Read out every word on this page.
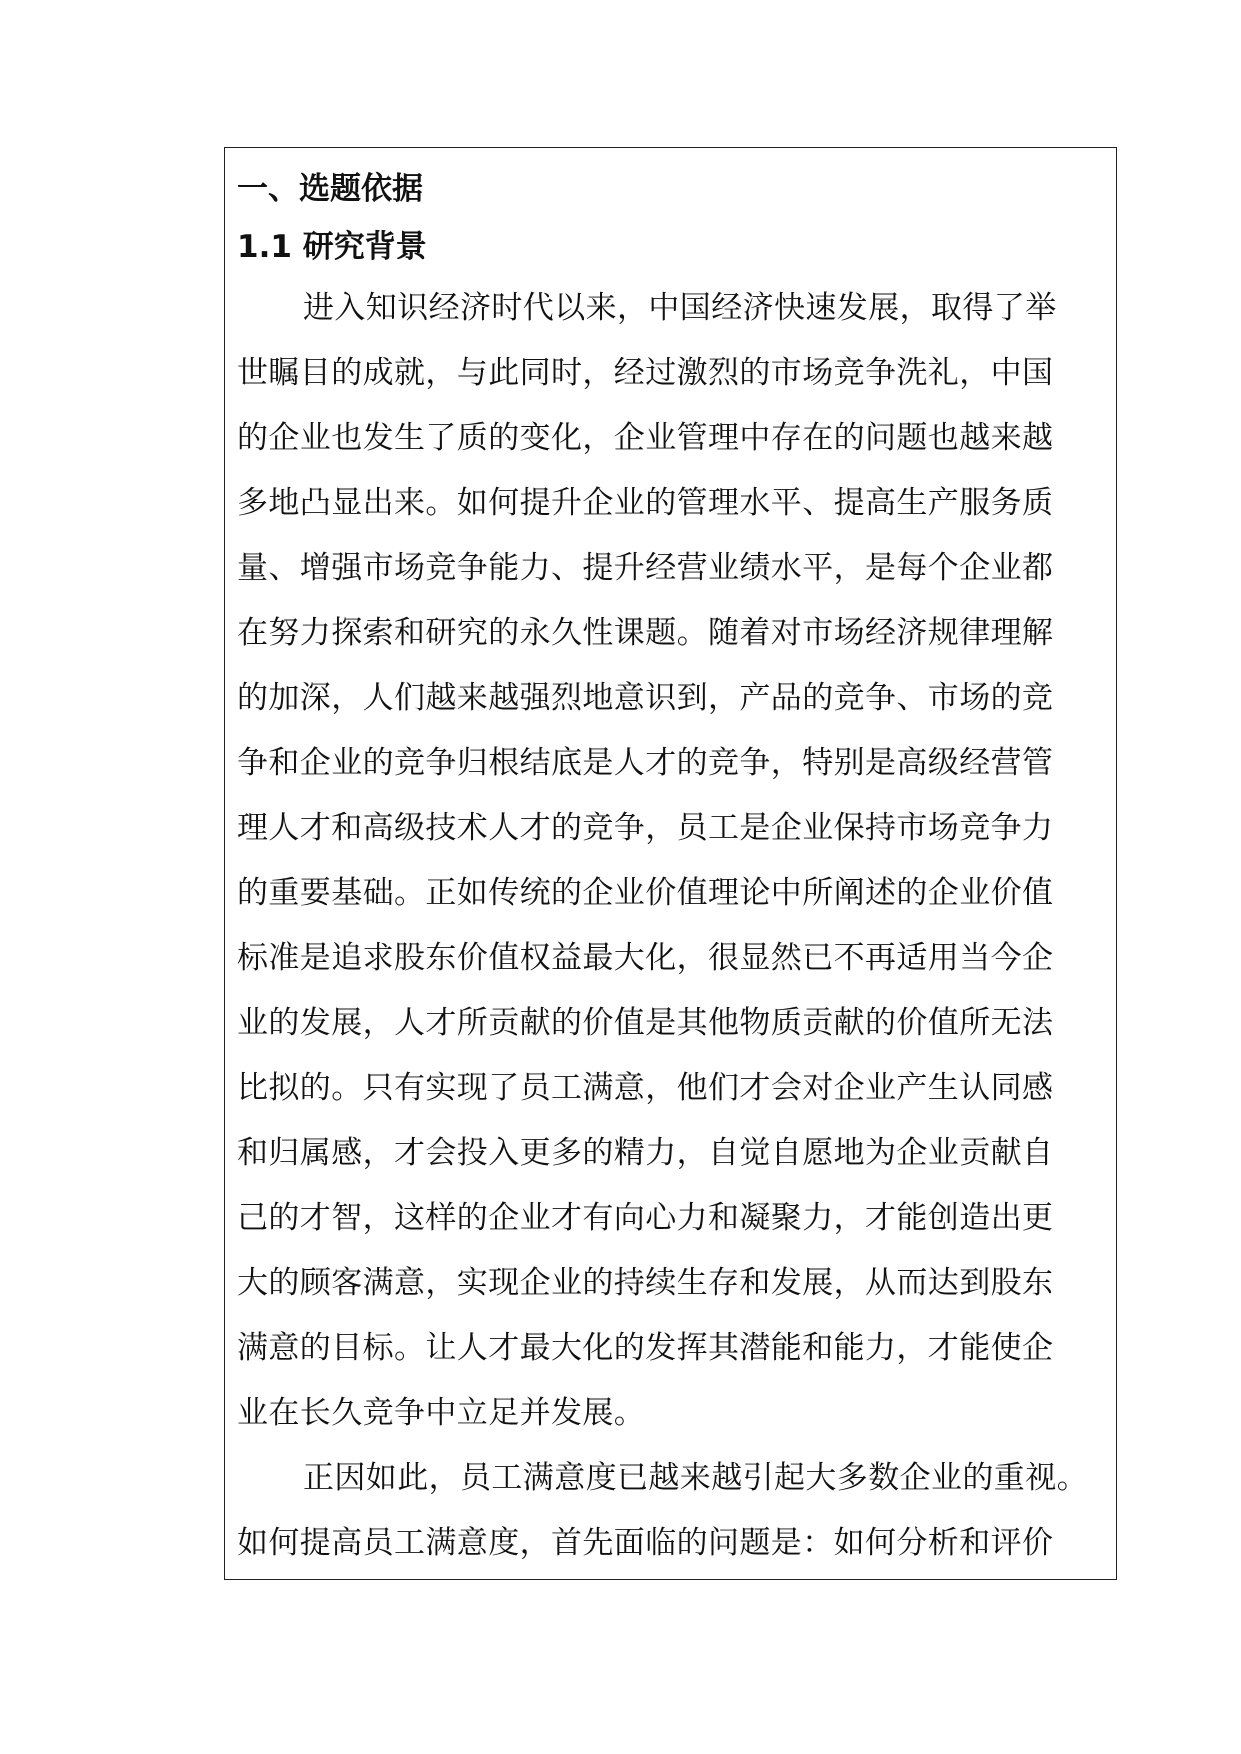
一、选题依据
1.1 研究背景
进入知识经济时代以来，中国经济快速发展，取得了举
世瞩目的成就，与此同时，经过激烈的市场竞争洗礼，中国
的企业也发生了质的变化，企业管理中存在的问题也越来越
多地凸显出来。如何提升企业的管理水平、提高生产服务质
量、增强市场竞争能力、提升经营业绩水平，是每个企业都
在努力探索和研究的永久性课题。随着对市场经济规律理解
的加深，人们越来越强烈地意识到，产品的竞争、市场的竞
争和企业的竞争归根结底是人才的竞争，特别是高级经营管
理人才和高级技术人才的竞争，员工是企业保持市场竞争力
的重要基础。正如传统的企业价值理论中所阐述的企业价值
标准是追求股东价值权益最大化，很显然已不再适用当今企
业的发展，人才所贡献的价值是其他物质贡献的价值所无法
比拟的。只有实现了员工满意，他们才会对企业产生认同感
和归属感，才会投入更多的精力，自觉自愿地为企业贡献自
己的才智，这样的企业才有向心力和凝聚力，才能创造出更
大的顾客满意，实现企业的持续生存和发展，从而达到股东
满意的目标。让人才最大化的发挥其潜能和能力，才能使企
业在长久竞争中立足并发展。
正因如此，员工满意度已越来越引起大多数企业的重视。
如何提高员工满意度，首先面临的问题是：如何分析和评价
